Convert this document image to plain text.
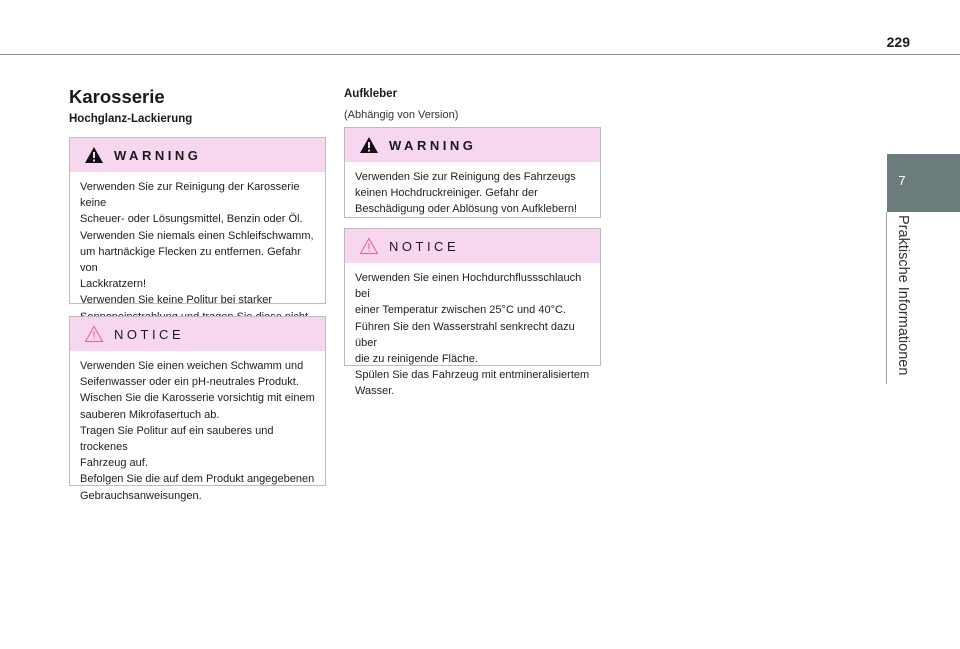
229
7
Praktische Informationen
Karosserie
Hochglanz-Lackierung
WARNING

Verwenden Sie zur Reinigung der Karosserie keine

Scheuer- oder Lösungsmittel, Benzin oder Öl.

Verwenden Sie niemals einen Schleifschwamm,

um hartnäckige Flecken zu entfernen. Gefahr von

Lackkratzern!

Verwenden Sie keine Politur bei starker

NOTICE

Verwenden Sie einen weichen Schwamm und

Seifenwasser oder ein pH-neutrales Produkt.

Wischen Sie die Karosserie vorsichtig mit einem

sauberen Mikrofasertuch ab.

Tragen Sie Politur auf ein sauberes und trockenes

Fahrzeug auf.

Befolgen Sie die auf dem Produkt angegebenen

Gebrauchsanweisungen.

Aufkleber
(Abhängig von Version)
WARNING

Verwenden Sie zur Reinigung des Fahrzeugs

keinen Hochdruckreiniger. Gefahr der

Beschädigung oder Ablösung von Aufklebern!

NOTICE

Verwenden Sie einen Hochdurchflussschlauch bei

einer Temperatur zwischen 25°C und 40°C.

Führen Sie den Wasserstrahl senkrecht dazu über

die zu reinigende Fläche.

Spülen Sie das Fahrzeug mit entmineralisiertem

Wasser.
